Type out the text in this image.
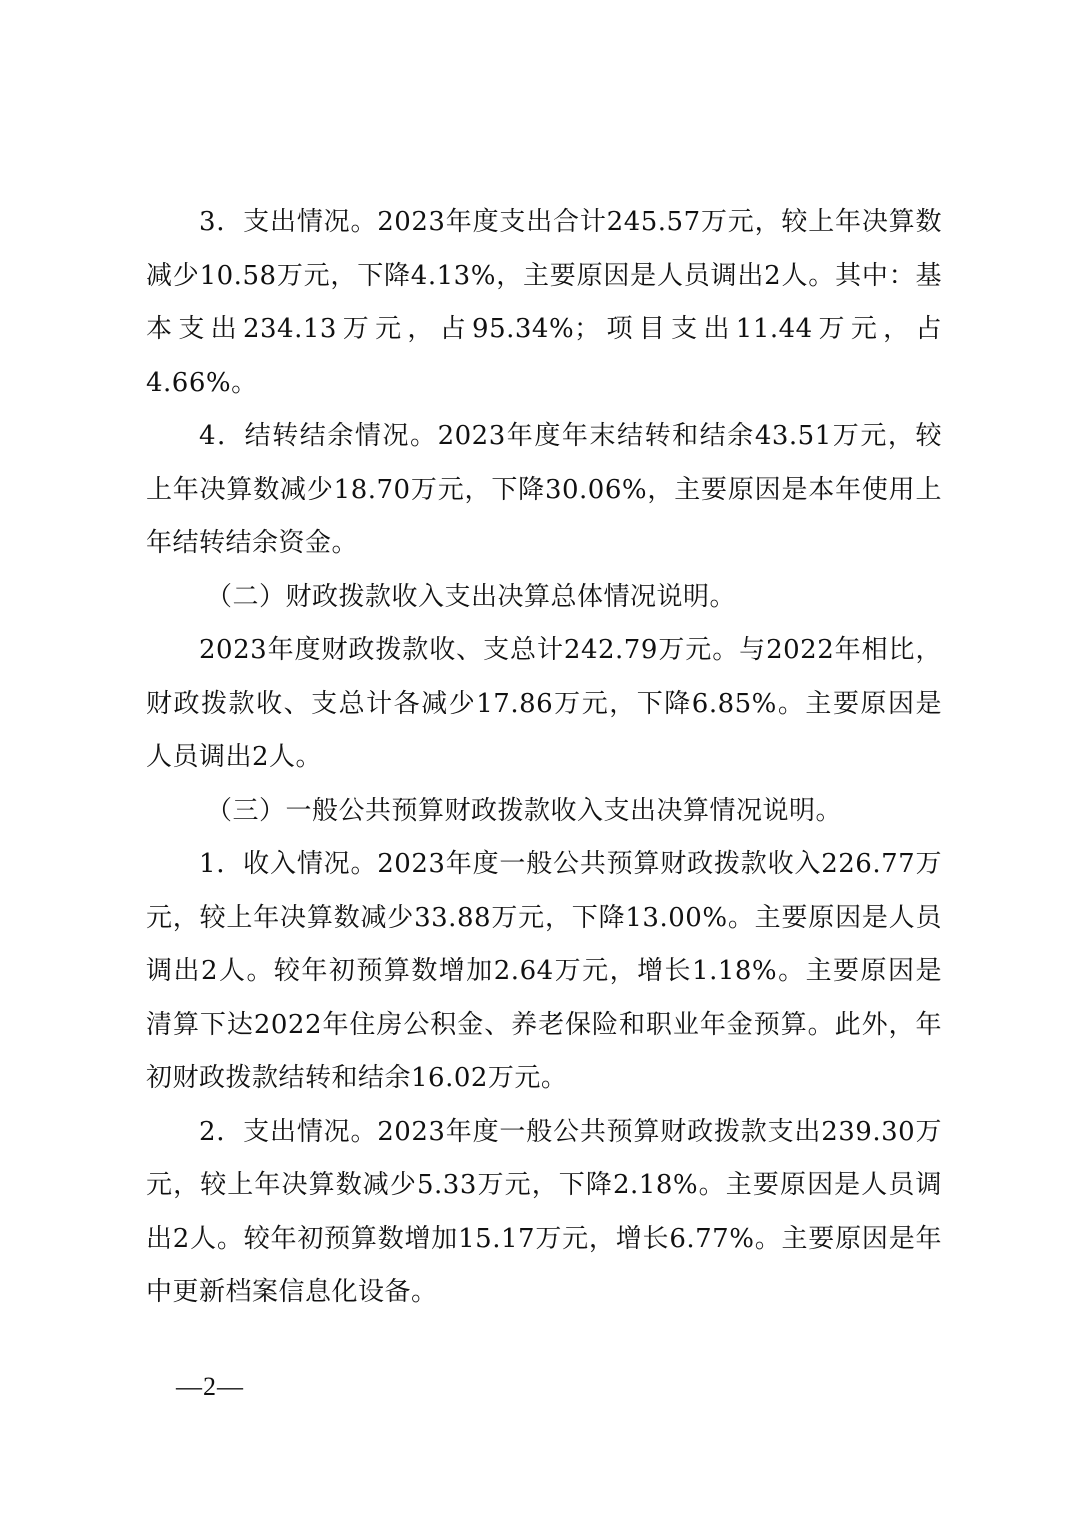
3．支出情况。2023年度支出合计245.57万元，较上年决算数减少10.58万元，下降4.13%，主要原因是人员调出2人。其中：基本支出234.13万元，占95.34%；项目支出11.44万元，占4.66%。

4．结转结余情况。2023年度年末结转和结余43.51万元，较上年决算数减少18.70万元，下降30.06%，主要原因是本年使用上年结转结余资金。

（二）财政拨款收入支出决算总体情况说明。

2023年度财政拨款收、支总计242.79万元。与2022年相比，财政拨款收、支总计各减少17.86万元，下降6.85%。主要原因是人员调出2人。

（三）一般公共预算财政拨款收入支出决算情况说明。

1．收入情况。2023年度一般公共预算财政拨款收入226.77万元，较上年决算数减少33.88万元，下降13.00%。主要原因是人员调出2人。较年初预算数增加2.64万元，增长1.18%。主要原因是清算下达2022年住房公积金、养老保险和职业年金预算。此外，年初财政拨款结转和结余16.02万元。

2．支出情况。2023年度一般公共预算财政拨款支出239.30万元，较上年决算数减少5.33万元，下降2.18%。主要原因是人员调出2人。较年初预算数增加15.17万元，增长6.77%。主要原因是年中更新档案信息化设备。

—2—
